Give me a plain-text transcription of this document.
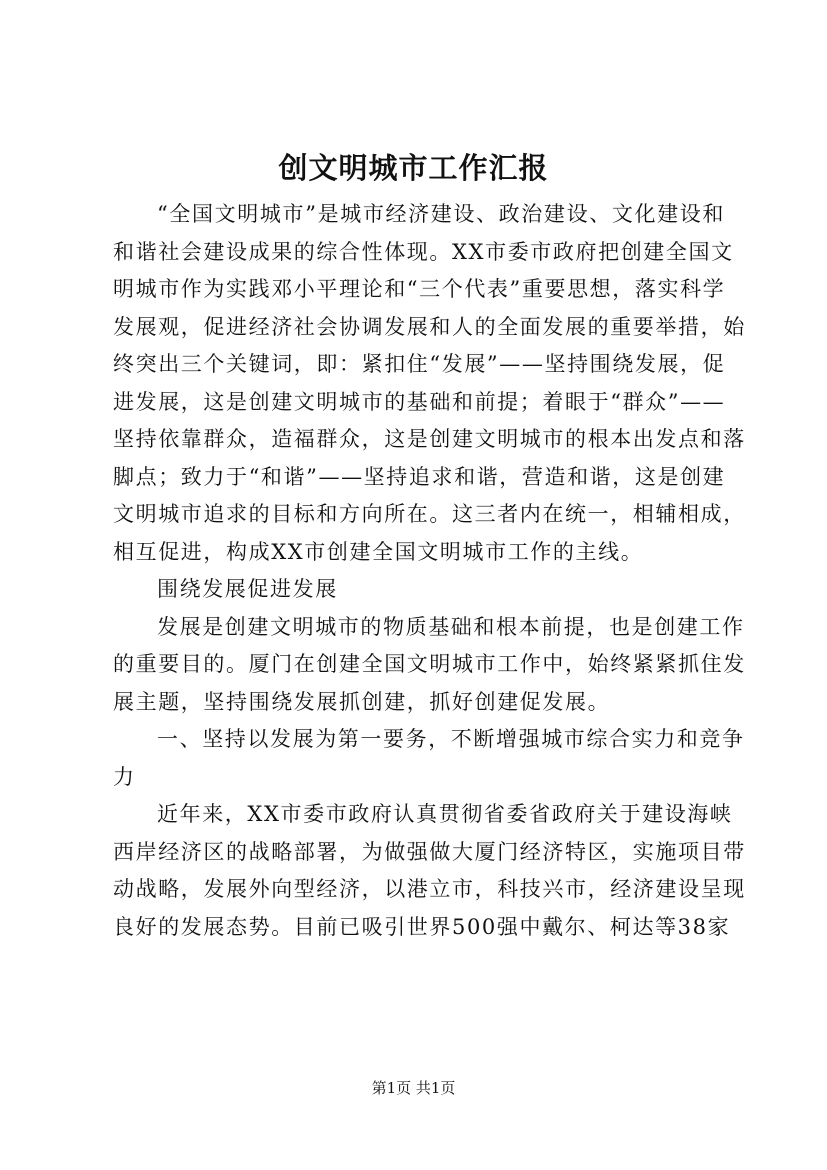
创文明城市工作汇报
“全国文明城市”是城市经济建设、政治建设、文化建设和
和谐社会建设成果的综合性体现。XX市委市政府把创建全国文
明城市作为实践邓小平理论和“三个代表”重要思想，落实科学
发展观，促进经济社会协调发展和人的全面发展的重要举措，始
终突出三个关键词，即：紧扣住“发展”——坚持围绕发展，促
进发展，这是创建文明城市的基础和前提；着眼于“群众”——
坚持依靠群众，造福群众，这是创建文明城市的根本出发点和落
脚点；致力于“和谐”——坚持追求和谐，营造和谐，这是创建
文明城市追求的目标和方向所在。这三者内在统一，相辅相成，
相互促进，构成XX市创建全国文明城市工作的主线。
围绕发展促进发展
发展是创建文明城市的物质基础和根本前提，也是创建工作
的重要目的。厦门在创建全国文明城市工作中，始终紧紧抓住发
展主题，坚持围绕发展抓创建，抓好创建促发展。
一、坚持以发展为第一要务，不断增强城市综合实力和竞争
力
近年来，XX市委市政府认真贯彻省委省政府关于建设海峡
西岸经济区的战略部署，为做强做大厦门经济特区，实施项目带
动战略，发展外向型经济，以港立市，科技兴市，经济建设呈现
良好的发展态势。目前已吸引世界500强中戴尔、柯达等38家
第1页 共1页
